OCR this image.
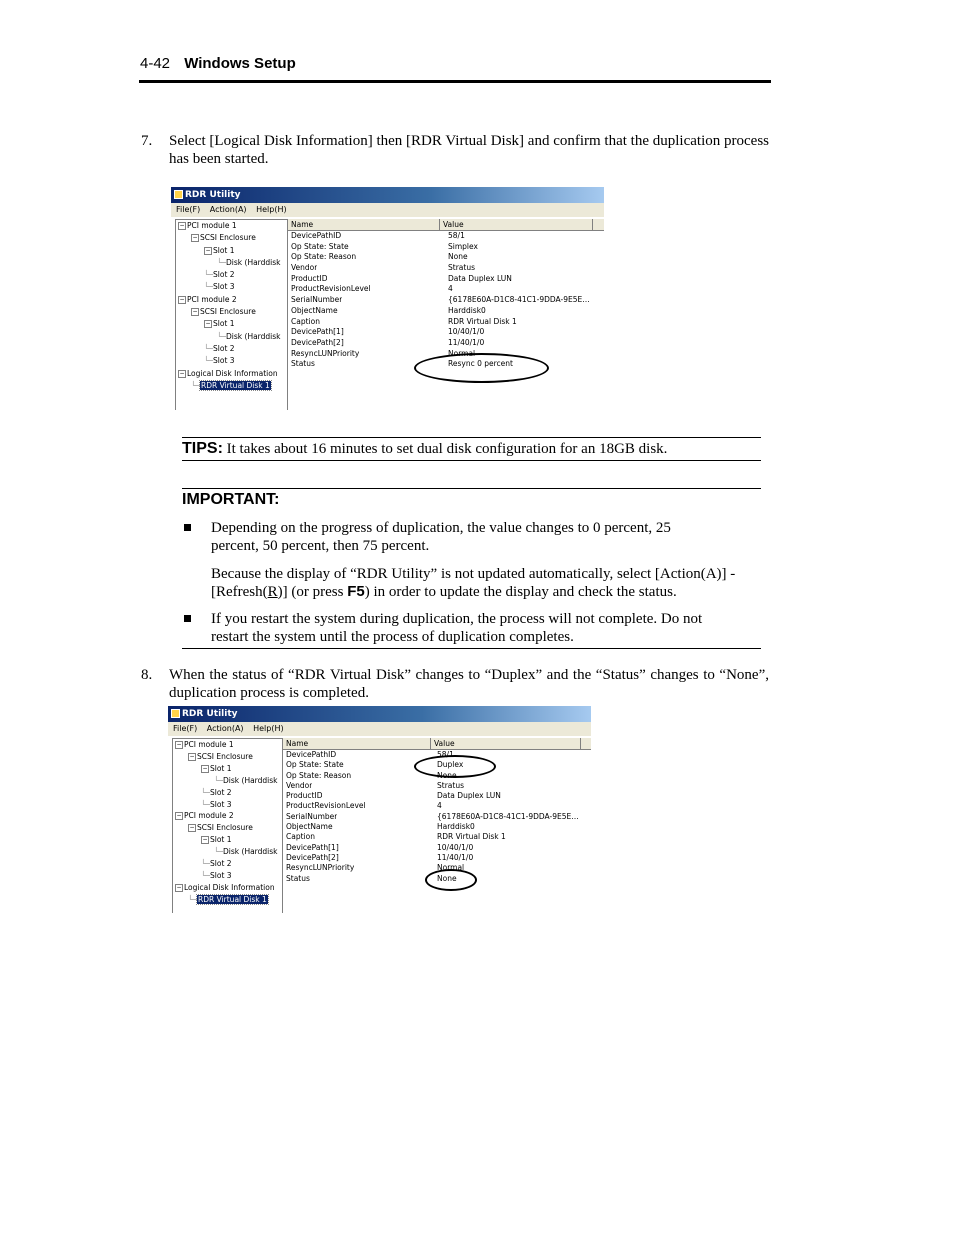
4-42 Windows Setup
7. Select [Logical Disk Information] then [RDR Virtual Disk] and confirm that the duplication process has been started.
RDR Utility
File(F) Action(A) Help(H)
− PCI module 1
− SCSI Enclosure
− Slot 1
└─Disk (Harddisk
└─Slot 2
└─Slot 3
− PCI module 2
− SCSI Enclosure
− Slot 1
└─Disk (Harddisk
└─Slot 2
└─Slot 3
− Logical Disk Information
└─RDR Virtual Disk 1
Name	Value
DevicePathID	58/1
Op State: State	Simplex
Op State: Reason	None
Vendor	Stratus
ProductID	Data Duplex LUN
ProductRevisionLevel	4
SerialNumber	{6178E60A-D1C8-41C1-9DDA-9E5E…
ObjectName	Harddisk0
Caption	RDR Virtual Disk 1
DevicePath[1]	10/40/1/0
DevicePath[2]	11/40/1/0
ResyncLUNPriority	Normal
Status	Resync 0 percent
TIPS: It takes about 16 minutes to set dual disk configuration for an 18GB disk.
IMPORTANT:
Depending on the progress of duplication, the value changes to 0 percent, 25 percent, 50 percent, then 75 percent.
Because the display of “RDR Utility” is not updated automatically, select [Action(A)] - [Refresh(R)] (or press F5) in order to update the display and check the status.
If you restart the system during duplication, the process will not complete. Do not restart the system until the process of duplication completes.
8. When the status of “RDR Virtual Disk” changes to “Duplex” and the “Status” changes to “None”, duplication process is completed.
RDR Utility
File(F) Action(A) Help(H)
− PCI module 1
− SCSI Enclosure
− Slot 1
└─Disk (Harddisk
└─Slot 2
└─Slot 3
− PCI module 2
− SCSI Enclosure
− Slot 1
└─Disk (Harddisk
└─Slot 2
└─Slot 3
− Logical Disk Information
└─RDR Virtual Disk 1
Name	Value
DevicePathID	58/1
Op State: State	Duplex
Op State: Reason	None
Vendor	Stratus
ProductID	Data Duplex LUN
ProductRevisionLevel	4
SerialNumber	{6178E60A-D1C8-41C1-9DDA-9E5E…
ObjectName	Harddisk0
Caption	RDR Virtual Disk 1
DevicePath[1]	10/40/1/0
DevicePath[2]	11/40/1/0
ResyncLUNPriority	Normal
Status	None
